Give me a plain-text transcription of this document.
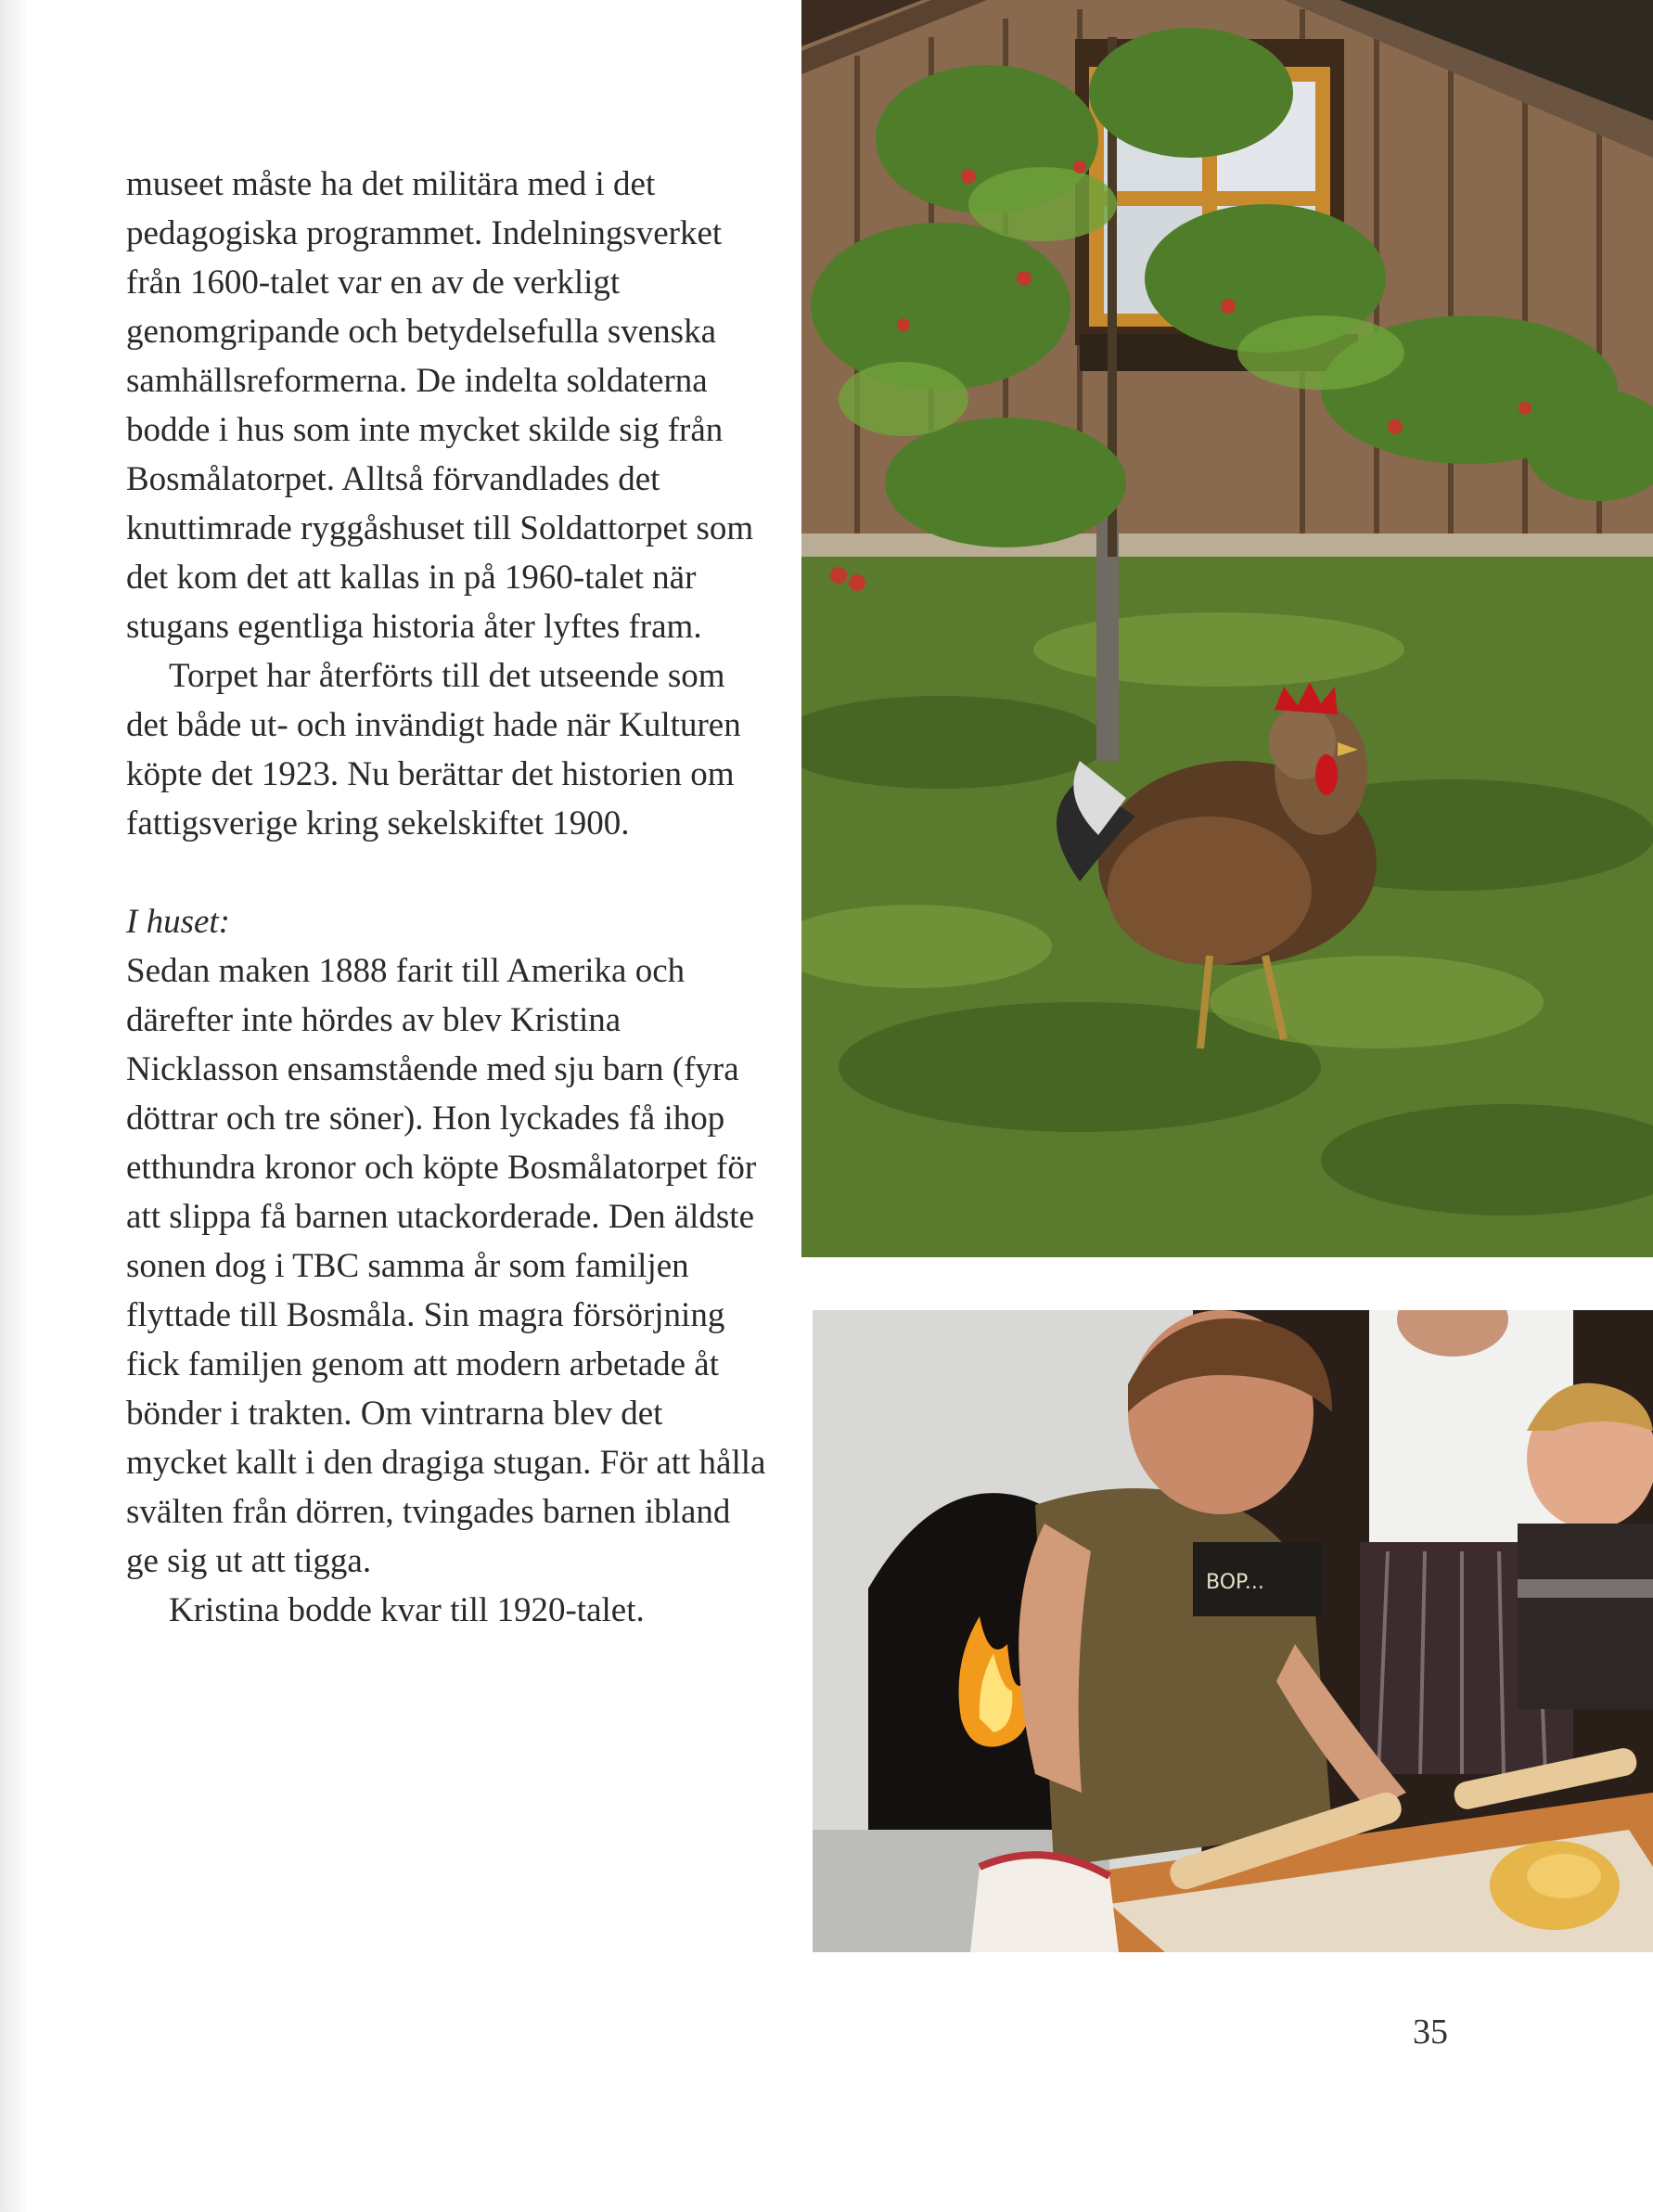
museet måste ha det militära med i det pedagogiska programmet. Indelningsverket från 1600-talet var en av de verkligt genomgripande och betydelsefulla svenska samhällsreformerna. De indelta soldaterna bodde i hus som inte mycket skilde sig från Bosmålatorpet. Alltså förvandlades det knuttimrade ryggåshuset till Soldattorpet som det kom det att kallas in på 1960-talet när stugans egentliga historia åter lyftes fram.

Torpet har återförts till det utseende som det både ut- och invändigt hade när Kulturen köpte det 1923. Nu berättar det historien om fattigsverige kring sekelskiftet 1900.

I huset:

Sedan maken 1888 farit till Amerika och därefter inte hördes av blev Kristina Nicklasson ensamstående med sju barn (fyra döttrar och tre söner). Hon lyckades få ihop etthundra kronor och köpte Bosmålatorpet för att slippa få barnen utackorderade. Den äldste sonen dog i TBC samma år som familjen flyttade till Bosmåla. Sin magra försörjning fick familjen genom att modern arbetade åt bönder i trakten. Om vintrarna blev det mycket kallt i den dragiga stugan. För att hålla svälten från dörren, tvingades barnen ibland ge sig ut att tigga.

Kristina bodde kvar till 1920-talet.

BOP...
35
